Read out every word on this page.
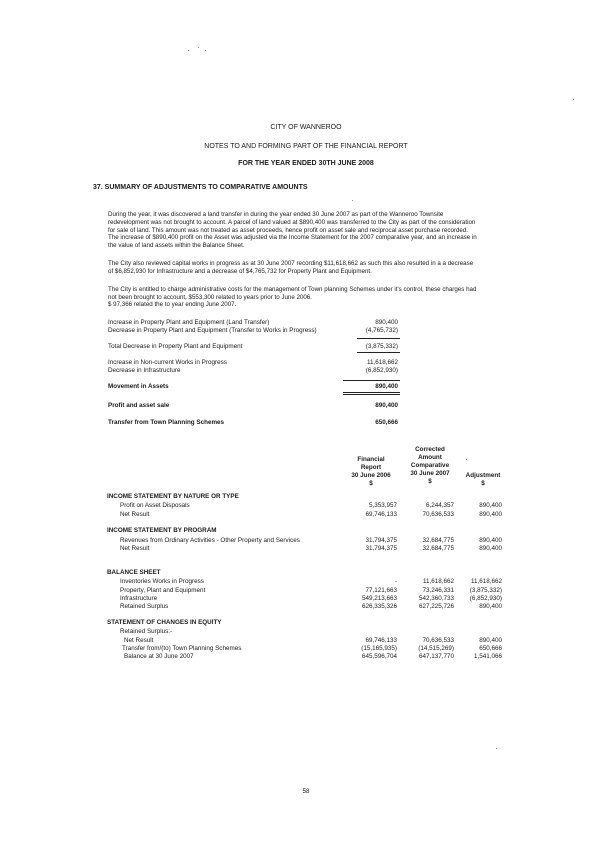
CITY OF WANNEROO
NOTES TO AND FORMING PART OF THE FINANCIAL REPORT
FOR THE YEAR ENDED 30TH JUNE 2008
37. SUMMARY OF ADJUSTMENTS TO COMPARATIVE AMOUNTS
During the year, it was discovered a land transfer in during the year ended 30 June 2007 as part of the Wanneroo Townsite redevelopment was not brought to account. A parcel of land valued at $890,400 was transferred to the City as part of the consideration for sale of land. This amount was not treated as asset proceeds, hence profit on asset sale and reciprocal asset purchase recorded. The increase of $890,400 profit on the Asset was adjusted via the Income Statement for the 2007 comparative year, and an increase in the value of land assets within the Balance Sheet.
The City also reviewed capital works in progress as at 30 June 2007 recording $11,618,662 as such this also resulted in a a decrease of $6,852,930 for Infrastructure and a decrease of $4,765,732 for Property Plant and Equipment.
The City is entitled to charge administrative costs for the management of Town planning Schemes under it's control, these charges had not been brought to account, $553,300 related to years prior to June 2006.
$ 97,366 related the to year ending June 2007.
Increase in Property Plant and Equipment (Land Transfer)	890,400
Decrease in Property Plant and Equipment (Transfer to Works in Progress)	(4,765,732)
Total Decrease in Property Plant and Equipment	(3,875,332)
Increase in Non-current Works in Progress	11,618,662
Decrease in Infrastructure	(6,852,930)
Movement in Assets	890,400
Profit and asset sale	890,400
Transfer from Town Planning Schemes	650,666
Financial
Report
30 June 2006
$
Corrected
Amount
Comparative
30 June 2007
$
Adjustment
$
INCOME STATEMENT BY NATURE OR TYPE
Profit on Asset Disposals	5,353,957	6,244,357	890,400
Net Result	69,746,133	70,636,533	890,400
INCOME STATEMENT BY PROGRAM
Revenues from Ordinary Activities - Other Property and Services	31,794,375	32,684,775	890,400
Net Result	31,794,375	32,684,775	890,400
BALANCE SHEET
Inventories Works in Progress	-	11,618,662	11,618,662
Property, Plant and Equipment	77,121,663	73,246,331	(3,875,332)
Infrastructure	549,213,663	542,360,733	(6,852,930)
Retained Surplus	626,335,326	627,225,726	890,400
STATEMENT OF CHANGES IN EQUITY
Retained Surplus:-
Net Result	69,746,133	70,636,533	890,400
Transfer from/(to) Town Planning Schemes	(15,165,935)	(14,515,269)	650,666
Balance at 30 June 2007	645,596,704	647,137,770	1,541,066
58
